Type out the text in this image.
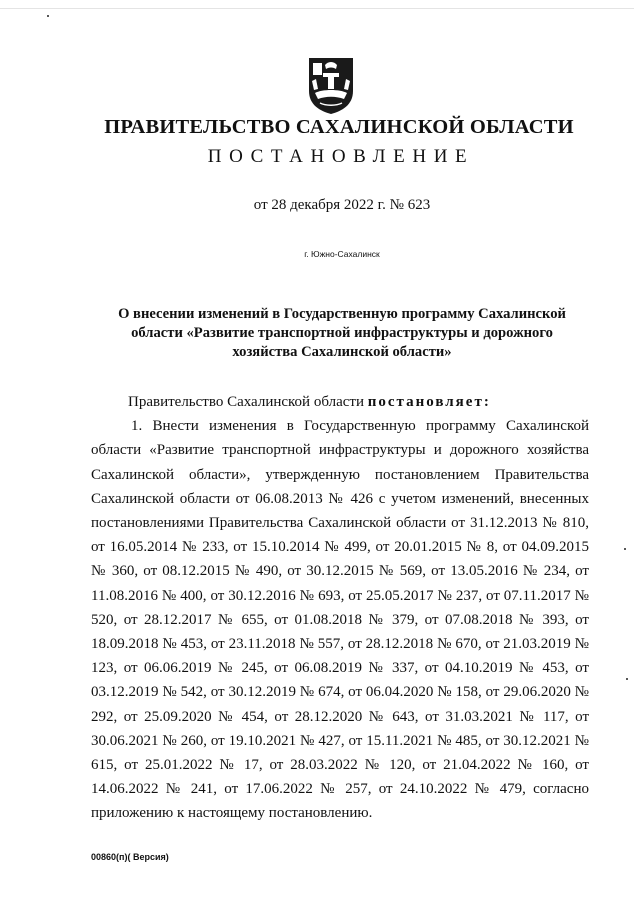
ПРАВИТЕЛЬСТВО САХАЛИНСКОЙ ОБЛАСТИ
ПОСТАНОВЛЕНИЕ
от 28 декабря 2022 г. № 623
г. Южно-Сахалинск
О внесении изменений в Государственную программу Сахалинской
области «Развитие транспортной инфраструктуры и дорожного
хозяйства Сахалинской области»

Правительство Сахалинской области постановляет:

1. Внести изменения в Государственную программу Сахалинской области «Развитие транспортной инфраструктуры и дорожного хозяйства Сахалинской области», утвержденную постановлением Правительства Сахалинской области от 06.08.2013 № 426 с учетом изменений, внесенных постановлениями Правительства Сахалинской области от 31.12.2013 № 810, от 16.05.2014 № 233, от 15.10.2014 № 499, от 20.01.2015 № 8, от 04.09.2015 № 360, от 08.12.2015 № 490, от 30.12.2015 № 569, от 13.05.2016 № 234, от 11.08.2016 № 400, от 30.12.2016 № 693, от 25.05.2017 № 237, от 07.11.2017 № 520, от 28.12.2017 № 655, от 01.08.2018 № 379, от 07.08.2018 № 393, от 18.09.2018 № 453, от 23.11.2018 № 557, от 28.12.2018 № 670, от 21.03.2019 № 123, от 06.06.2019 № 245, от 06.08.2019 № 337, от 04.10.2019 № 453, от 03.12.2019 № 542, от 30.12.2019 № 674, от 06.04.2020 № 158, от 29.06.2020 № 292, от 25.09.2020 № 454, от 28.12.2020 № 643, от 31.03.2021 № 117, от 30.06.2021 № 260, от 19.10.2021 № 427, от 15.11.2021 № 485, от 30.12.2021 № 615, от 25.01.2022 № 17, от 28.03.2022 № 120, от 21.04.2022 № 160, от 14.06.2022 № 241, от 17.06.2022 № 257, от 24.10.2022 № 479, согласно приложению к настоящему постановлению.

00860(п)( Версия)
